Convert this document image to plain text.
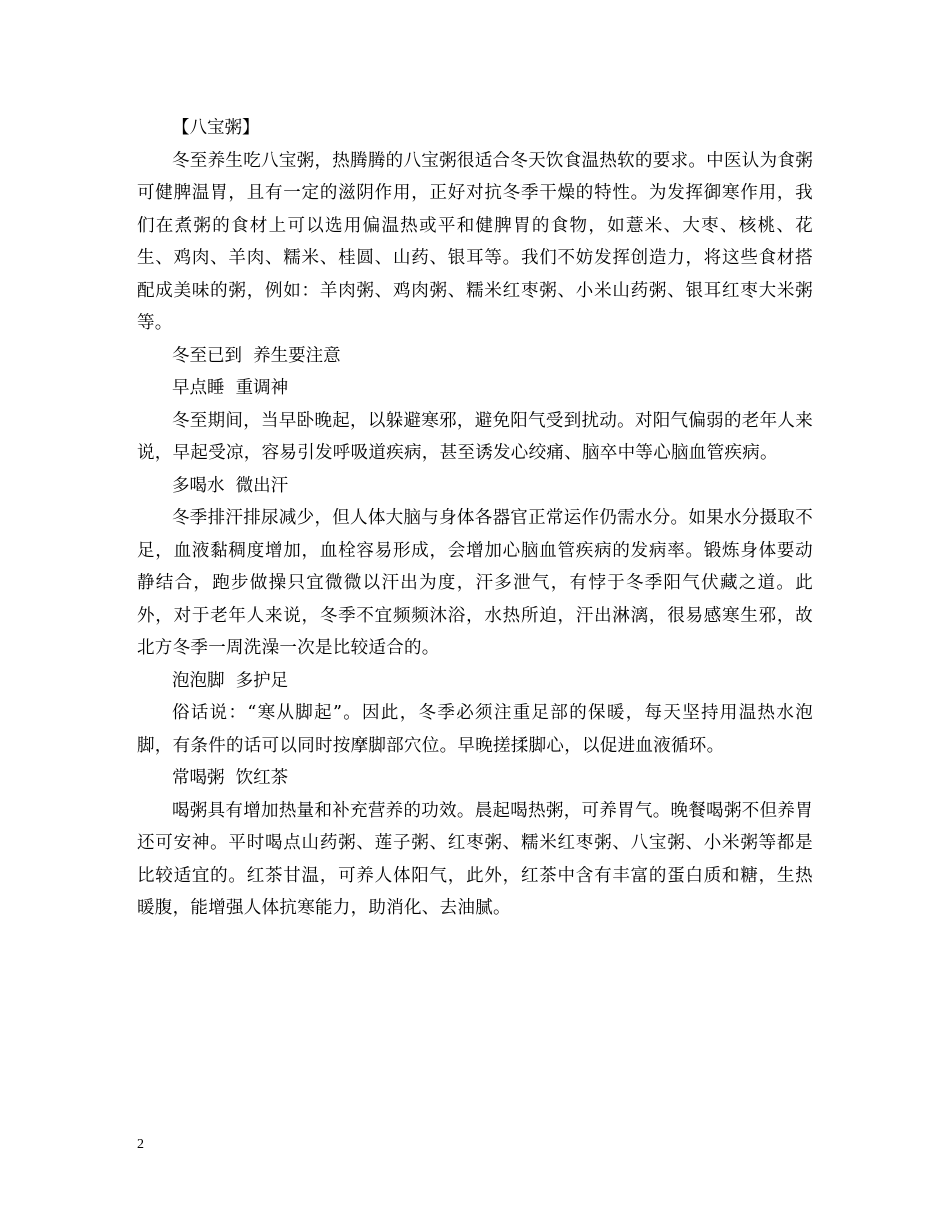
【八宝粥】

冬至养生吃八宝粥，热腾腾的八宝粥很适合冬天饮食温热软的要求。中医认为食粥可健脾温胃，且有一定的滋阴作用，正好对抗冬季干燥的特性。为发挥御寒作用，我们在煮粥的食材上可以选用偏温热或平和健脾胃的食物，如薏米、大枣、核桃、花生、鸡肉、羊肉、糯米、桂圆、山药、银耳等。我们不妨发挥创造力，将这些食材搭配成美味的粥，例如：羊肉粥、鸡肉粥、糯米红枣粥、小米山药粥、银耳红枣大米粥等。

冬至已到  养生要注意

早点睡  重调神

冬至期间，当早卧晚起，以躲避寒邪，避免阳气受到扰动。对阳气偏弱的老年人来说，早起受凉，容易引发呼吸道疾病，甚至诱发心绞痛、脑卒中等心脑血管疾病。

多喝水  微出汗

冬季排汗排尿减少，但人体大脑与身体各器官正常运作仍需水分。如果水分摄取不足，血液黏稠度增加，血栓容易形成，会增加心脑血管疾病的发病率。锻炼身体要动静结合，跑步做操只宜微微以汗出为度，汗多泄气，有悖于冬季阳气伏藏之道。此外，对于老年人来说，冬季不宜频频沐浴，水热所迫，汗出淋漓，很易感寒生邪，故北方冬季一周洗澡一次是比较适合的。

泡泡脚  多护足

俗话说：“寒从脚起”。因此，冬季必须注重足部的保暖，每天坚持用温热水泡脚，有条件的话可以同时按摩脚部穴位。早晚搓揉脚心，以促进血液循环。

常喝粥  饮红茶

喝粥具有增加热量和补充营养的功效。晨起喝热粥，可养胃气。晚餐喝粥不但养胃还可安神。平时喝点山药粥、莲子粥、红枣粥、糯米红枣粥、八宝粥、小米粥等都是比较适宜的。红茶甘温，可养人体阳气，此外，红茶中含有丰富的蛋白质和糖，生热暖腹，能增强人体抗寒能力，助消化、去油腻。

2
